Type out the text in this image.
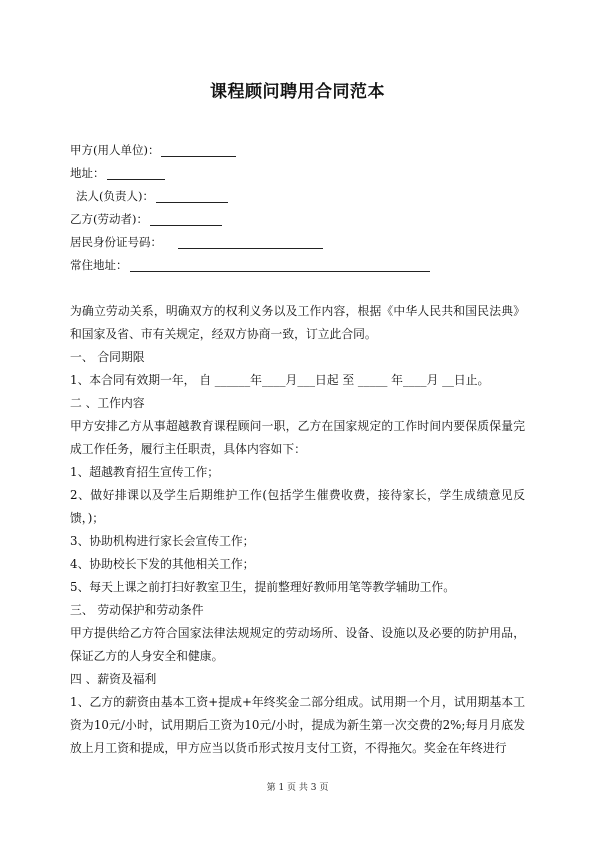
课程顾问聘用合同范本
甲方(用人单位)：
地址：
法人(负责人)：
乙方(劳动者)：
居民身份证号码：
常住地址：

为确立劳动关系，明确双方的权利义务以及工作内容，根据《中华人民共和国民法典》和国家及省、市有关规定，经双方协商一致，订立此合同。

一、 合同期限

1、本合同有效期一年， 自 ______年____月___日起 至 _____ 年____月 __日止。

二 、工作内容

甲方安排乙方从事超越教育课程顾问一职，乙方在国家规定的工作时间内要保质保量完成工作任务，履行主任职责，具体内容如下：

1、超越教育招生宣传工作；

2、做好排课以及学生后期维护工作(包括学生催费收费，接待家长，学生成绩意见反馈，)；

3、协助机构进行家长会宣传工作；

4、协助校长下发的其他相关工作；

5、每天上课之前打扫好教室卫生，提前整理好教师用笔等教学辅助工作。

三、 劳动保护和劳动条件

甲方提供给乙方符合国家法律法规规定的劳动场所、设备、设施以及必要的防护用品，保证乙方的人身安全和健康。

四 、薪资及福利

1、乙方的薪资由基本工资+提成+年终奖金二部分组成。试用期一个月，试用期基本工资为10元/小时，试用期后工资为10元/小时，提成为新生第一次交费的2%;每月月底发放上月工资和提成，甲方应当以货币形式按月支付工资，不得拖欠。奖金在年终进行

第 1 页 共 3 页
